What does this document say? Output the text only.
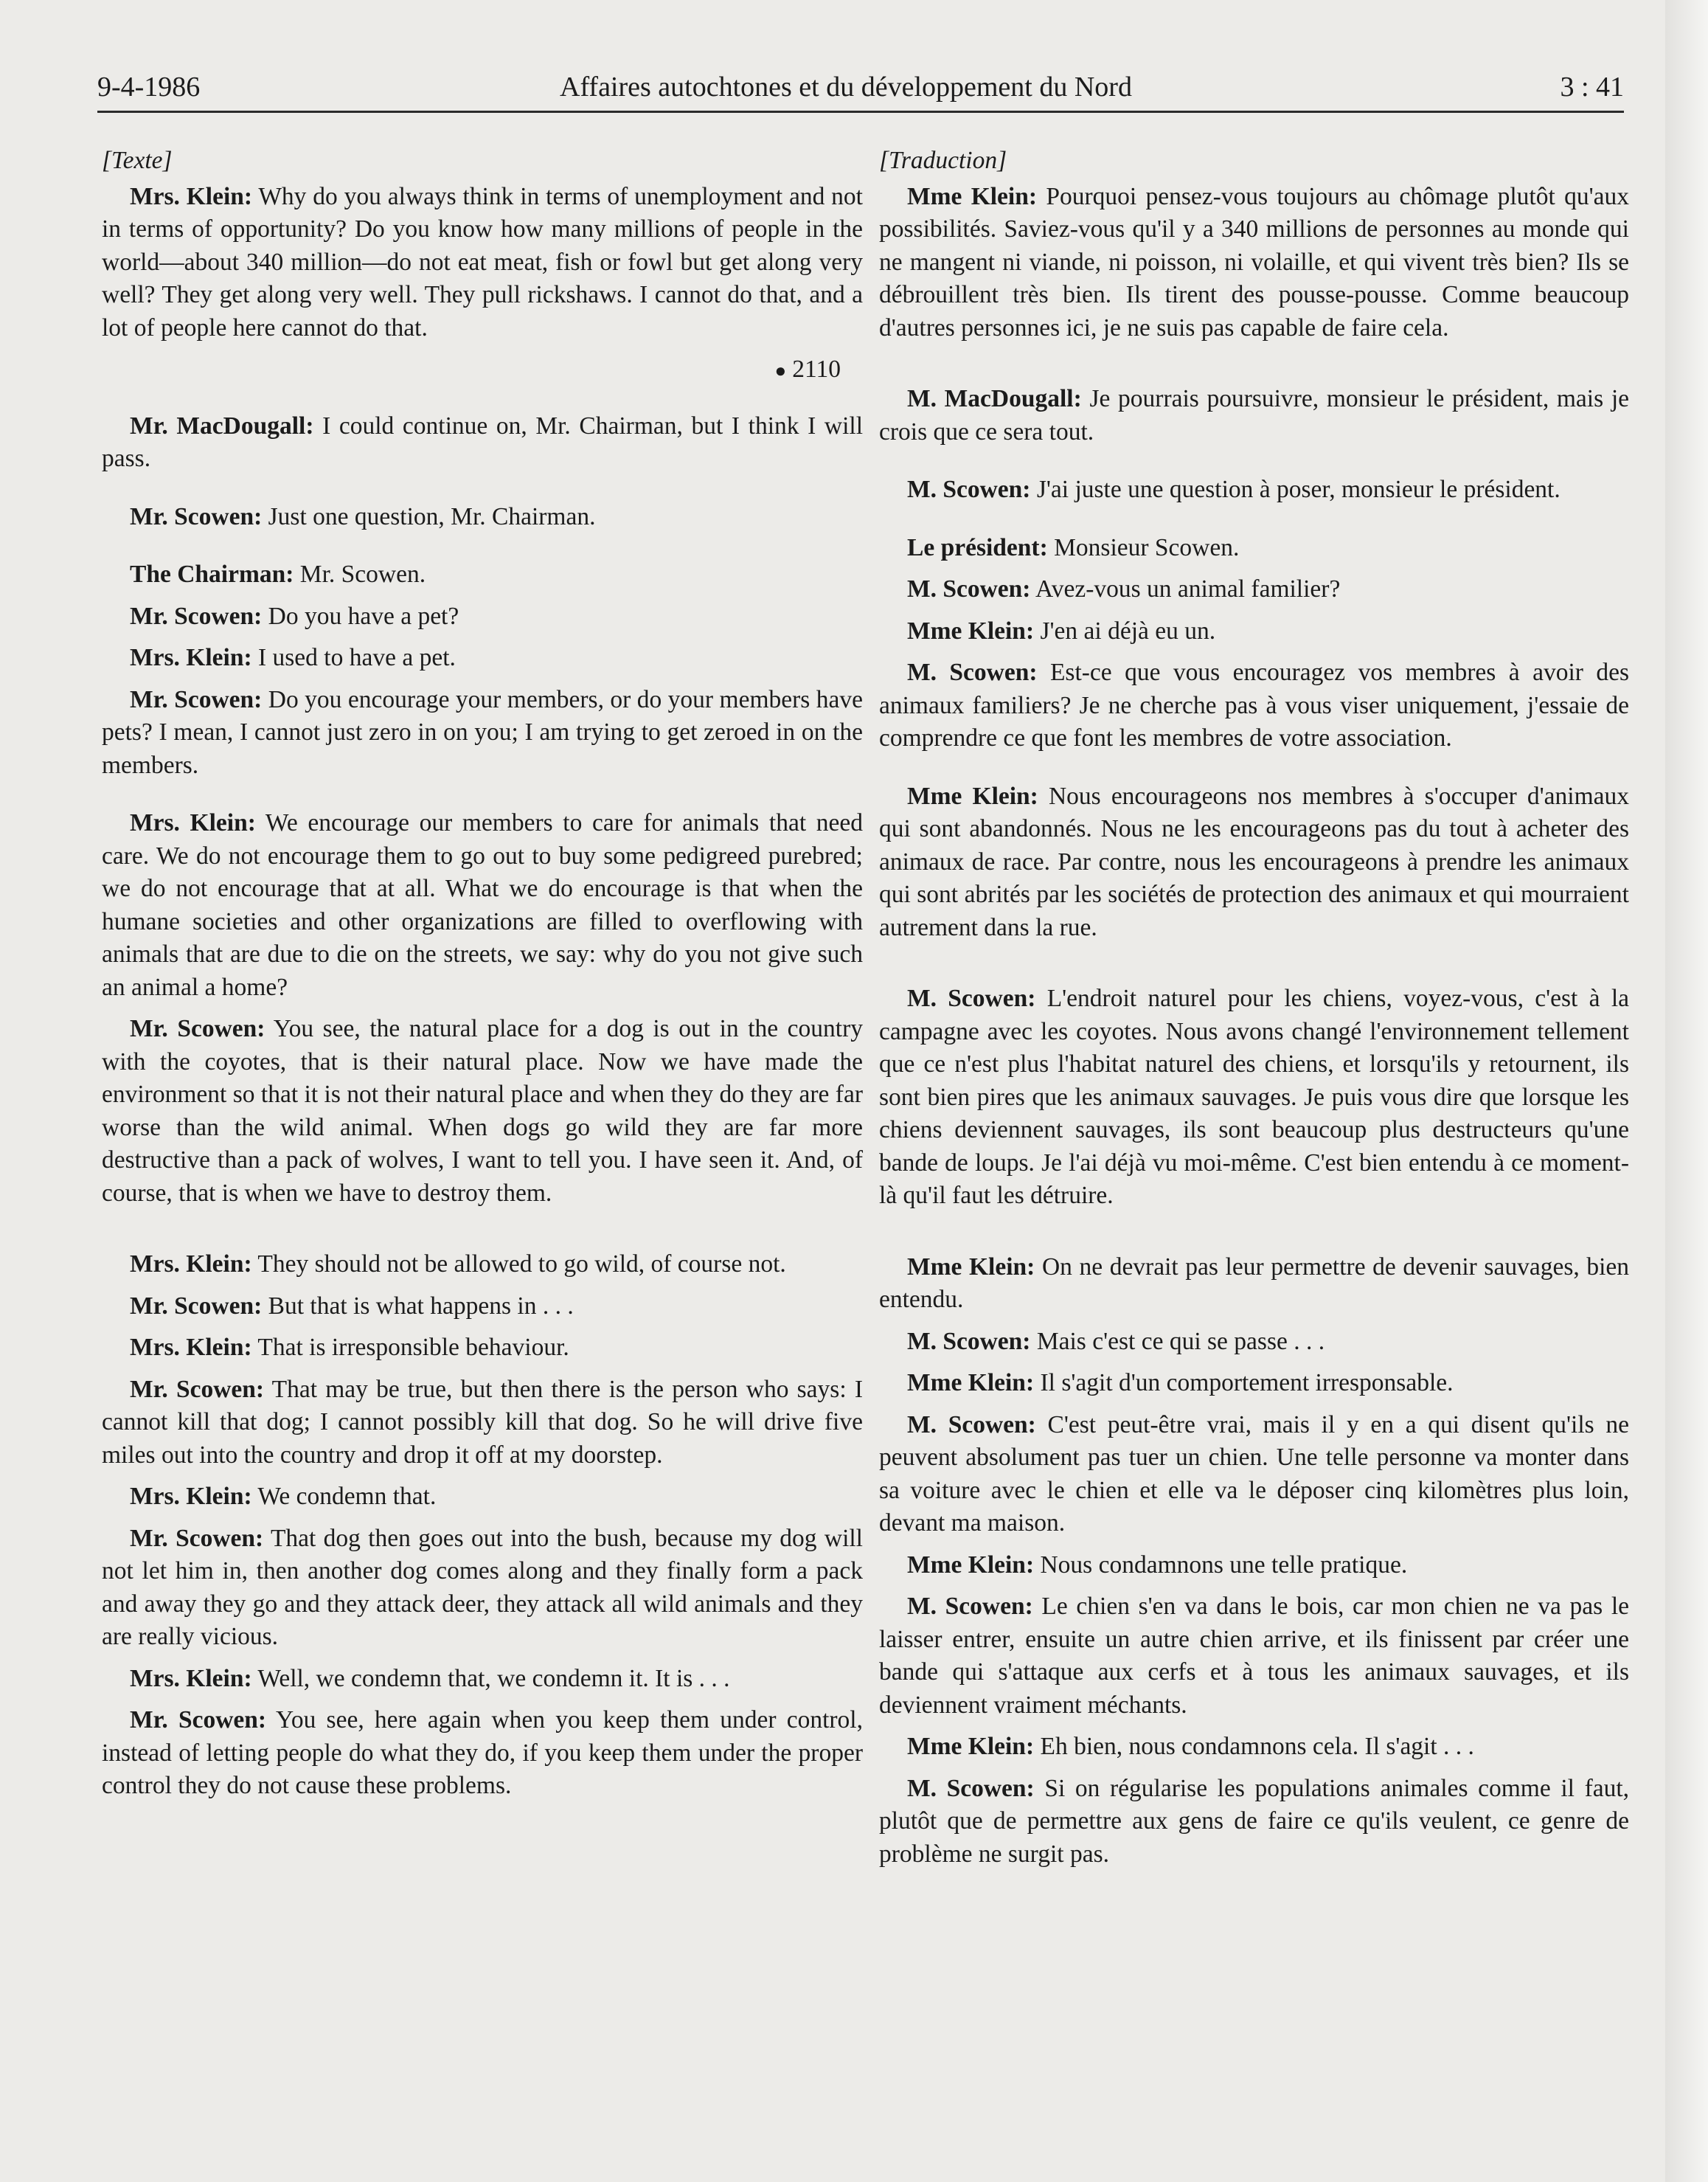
9-4-1986	Affaires autochtones et du développement du Nord	3 : 41
[Texte]
Mrs. Klein: Why do you always think in terms of unemployment and not in terms of opportunity? Do you know how many millions of people in the world—about 340 million—do not eat meat, fish or fowl but get along very well? They get along very well. They pull rickshaws. I cannot do that, and a lot of people here cannot do that.
● 2110
Mr. MacDougall: I could continue on, Mr. Chairman, but I think I will pass.
Mr. Scowen: Just one question, Mr. Chairman.
The Chairman: Mr. Scowen.
Mr. Scowen: Do you have a pet?
Mrs. Klein: I used to have a pet.
Mr. Scowen: Do you encourage your members, or do your members have pets? I mean, I cannot just zero in on you; I am trying to get zeroed in on the members.
Mrs. Klein: We encourage our members to care for animals that need care. We do not encourage them to go out to buy some pedigreed purebred; we do not encourage that at all. What we do encourage is that when the humane societies and other organizations are filled to overflowing with animals that are due to die on the streets, we say: why do you not give such an animal a home?
Mr. Scowen: You see, the natural place for a dog is out in the country with the coyotes, that is their natural place. Now we have made the environment so that it is not their natural place and when they do they are far worse than the wild animal. When dogs go wild they are far more destructive than a pack of wolves, I want to tell you. I have seen it. And, of course, that is when we have to destroy them.
Mrs. Klein: They should not be allowed to go wild, of course not.
Mr. Scowen: But that is what happens in . . .
Mrs. Klein: That is irresponsible behaviour.
Mr. Scowen: That may be true, but then there is the person who says: I cannot kill that dog; I cannot possibly kill that dog. So he will drive five miles out into the country and drop it off at my doorstep.
Mrs. Klein: We condemn that.
Mr. Scowen: That dog then goes out into the bush, because my dog will not let him in, then another dog comes along and they finally form a pack and away they go and they attack deer, they attack all wild animals and they are really vicious.
Mrs. Klein: Well, we condemn that, we condemn it. It is . . .
Mr. Scowen: You see, here again when you keep them under control, instead of letting people do what they do, if you keep them under the proper control they do not cause these problems.
[Traduction]
Mme Klein: Pourquoi pensez-vous toujours au chômage plutôt qu'aux possibilités. Saviez-vous qu'il y a 340 millions de personnes au monde qui ne mangent ni viande, ni poisson, ni volaille, et qui vivent très bien? Ils se débrouillent très bien. Ils tirent des pousse-pousse. Comme beaucoup d'autres personnes ici, je ne suis pas capable de faire cela.
M. MacDougall: Je pourrais poursuivre, monsieur le président, mais je crois que ce sera tout.
M. Scowen: J'ai juste une question à poser, monsieur le président.
Le président: Monsieur Scowen.
M. Scowen: Avez-vous un animal familier?
Mme Klein: J'en ai déjà eu un.
M. Scowen: Est-ce que vous encouragez vos membres à avoir des animaux familiers? Je ne cherche pas à vous viser uniquement, j'essaie de comprendre ce que font les membres de votre association.
Mme Klein: Nous encourageons nos membres à s'occuper d'animaux qui sont abandonnés. Nous ne les encourageons pas du tout à acheter des animaux de race. Par contre, nous les encourageons à prendre les animaux qui sont abrités par les sociétés de protection des animaux et qui mourraient autrement dans la rue.
M. Scowen: L'endroit naturel pour les chiens, voyez-vous, c'est à la campagne avec les coyotes. Nous avons changé l'environnement tellement que ce n'est plus l'habitat naturel des chiens, et lorsqu'ils y retournent, ils sont bien pires que les animaux sauvages. Je puis vous dire que lorsque les chiens deviennent sauvages, ils sont beaucoup plus destructeurs qu'une bande de loups. Je l'ai déjà vu moi-même. C'est bien entendu à ce moment-là qu'il faut les détruire.
Mme Klein: On ne devrait pas leur permettre de devenir sauvages, bien entendu.
M. Scowen: Mais c'est ce qui se passe . . .
Mme Klein: Il s'agit d'un comportement irresponsable.
M. Scowen: C'est peut-être vrai, mais il y en a qui disent qu'ils ne peuvent absolument pas tuer un chien. Une telle personne va monter dans sa voiture avec le chien et elle va le déposer cinq kilomètres plus loin, devant ma maison.
Mme Klein: Nous condamnons une telle pratique.
M. Scowen: Le chien s'en va dans le bois, car mon chien ne va pas le laisser entrer, ensuite un autre chien arrive, et ils finissent par créer une bande qui s'attaque aux cerfs et à tous les animaux sauvages, et ils deviennent vraiment méchants.
Mme Klein: Eh bien, nous condamnons cela. Il s'agit . . .
M. Scowen: Si on régularise les populations animales comme il faut, plutôt que de permettre aux gens de faire ce qu'ils veulent, ce genre de problème ne surgit pas.
